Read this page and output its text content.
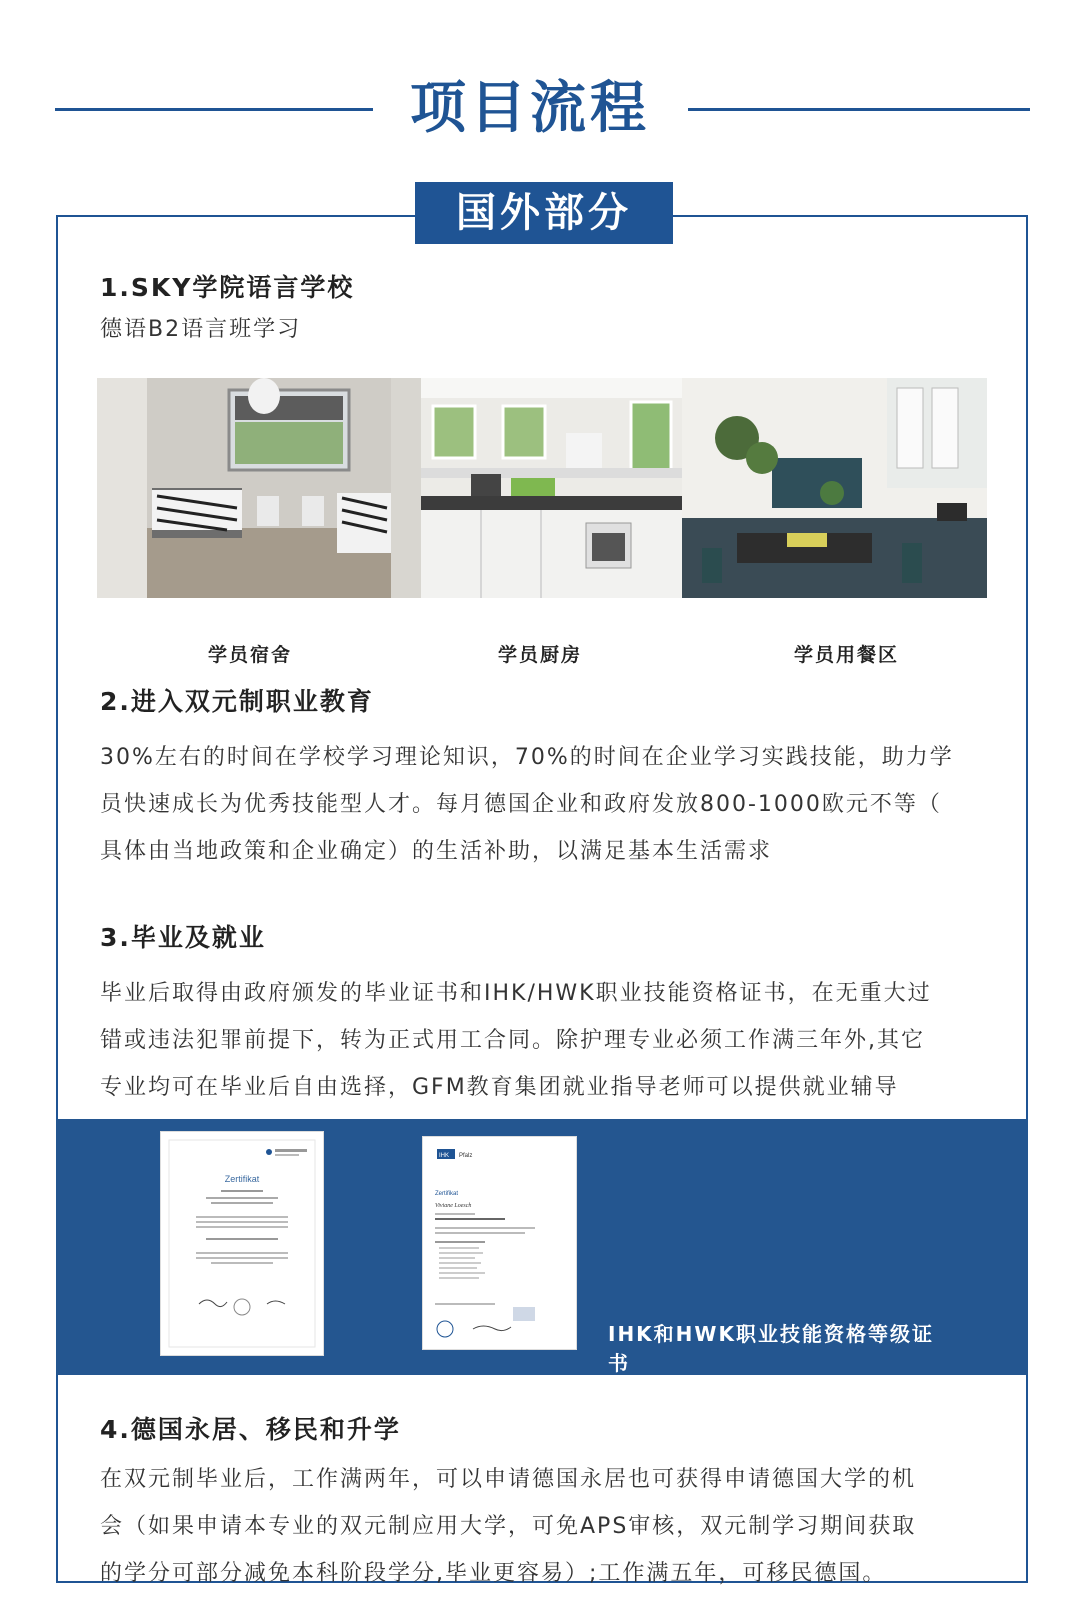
项目流程
国外部分
1.SKY学院语言学校
德语B2语言班学习
学员宿舍	学员厨房	学员用餐区
2.进入双元制职业教育
30%左右的时间在学校学习理论知识，70%的时间在企业学习实践技能，助力学
员快速成长为优秀技能型人才。每月德国企业和政府发放800-1000欧元不等（
具体由当地政策和企业确定）的生活补助，以满足基本生活需求
3.毕业及就业
毕业后取得由政府颁发的毕业证书和IHK/HWK职业技能资格证书，在无重大过
错或违法犯罪前提下，转为正式用工合同。除护理专业必须工作满三年外,其它
专业均可在毕业后自由选择，GFM教育集团就业指导老师可以提供就业辅导
Zertifikat
IHK Pfalz
Zertifikat
Viviane Loesch
IHK和HWK职业技能资格等级证书
4.德国永居、移民和升学
在双元制毕业后，工作满两年，可以申请德国永居也可获得申请德国大学的机
会（如果申请本专业的双元制应用大学，可免APS审核，双元制学习期间获取
的学分可部分减免本科阶段学分,毕业更容易）;工作满五年，可移民德国。
